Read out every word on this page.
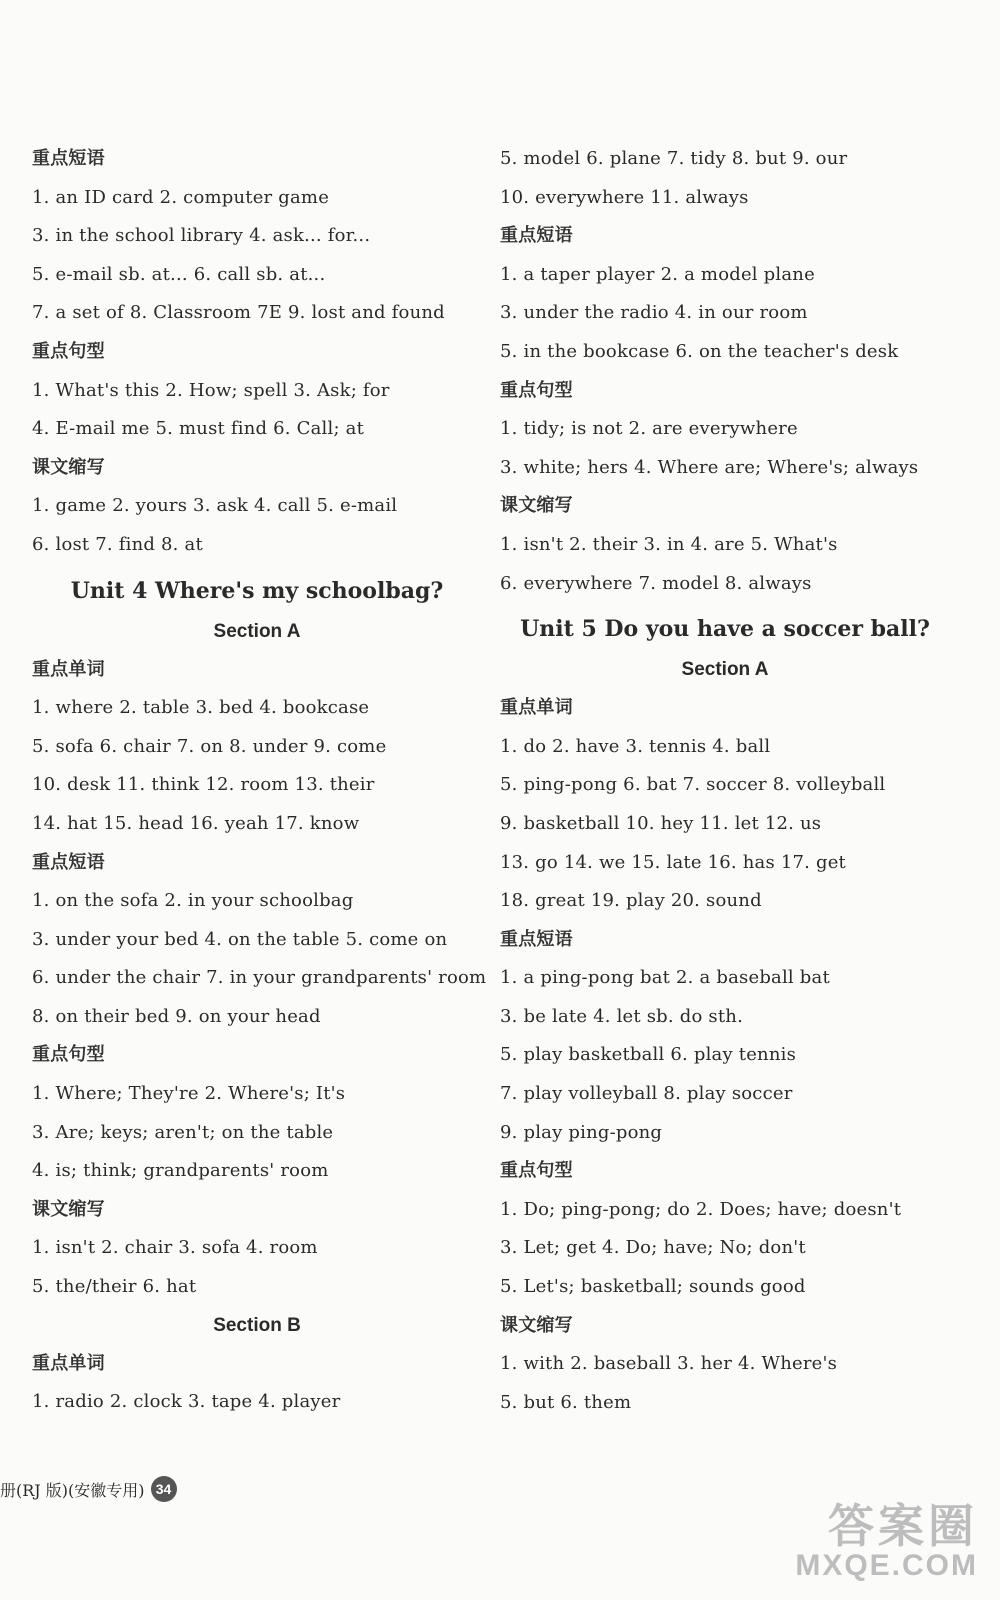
重点短语
1. an ID card 2. computer game
3. in the school library 4. ask... for...
5. e-mail sb. at... 6. call sb. at...
7. a set of 8. Classroom 7E 9. lost and found
重点句型
1. What's this 2. How; spell 3. Ask; for
4. E-mail me 5. must find 6. Call; at
课文缩写
1. game 2. yours 3. ask 4. call 5. e-mail
6. lost 7. find 8. at
Unit 4 Where's my schoolbag?
Section A
重点单词
1. where 2. table 3. bed 4. bookcase
5. sofa 6. chair 7. on 8. under 9. come
10. desk 11. think 12. room 13. their
14. hat 15. head 16. yeah 17. know
重点短语
1. on the sofa 2. in your schoolbag
3. under your bed 4. on the table 5. come on
6. under the chair 7. in your grandparents' room
8. on their bed 9. on your head
重点句型
1. Where; They're 2. Where's; It's
3. Are; keys; aren't; on the table
4. is; think; grandparents' room
课文缩写
1. isn't 2. chair 3. sofa 4. room
5. the/their 6. hat
Section B
重点单词
1. radio 2. clock 3. tape 4. player
5. model 6. plane 7. tidy 8. but 9. our
10. everywhere 11. always
重点短语
1. a taper player 2. a model plane
3. under the radio 4. in our room
5. in the bookcase 6. on the teacher's desk
重点句型
1. tidy; is not 2. are everywhere
3. white; hers 4. Where are; Where's; always
课文缩写
1. isn't 2. their 3. in 4. are 5. What's
6. everywhere 7. model 8. always
Unit 5 Do you have a soccer ball?
Section A
重点单词
1. do 2. have 3. tennis 4. ball
5. ping-pong 6. bat 7. soccer 8. volleyball
9. basketball 10. hey 11. let 12. us
13. go 14. we 15. late 16. has 17. get
18. great 19. play 20. sound
重点短语
1. a ping-pong bat 2. a baseball bat
3. be late 4. let sb. do sth.
5. play basketball 6. play tennis
7. play volleyball 8. play soccer
9. play ping-pong
重点句型
1. Do; ping-pong; do 2. Does; have; doesn't
3. Let; get 4. Do; have; No; don't
5. Let's; basketball; sounds good
课文缩写
1. with 2. baseball 3. her 4. Where's
5. but 6. them
册(RJ 版)(安徽专用) 34
答案圈
MXQE.COM
